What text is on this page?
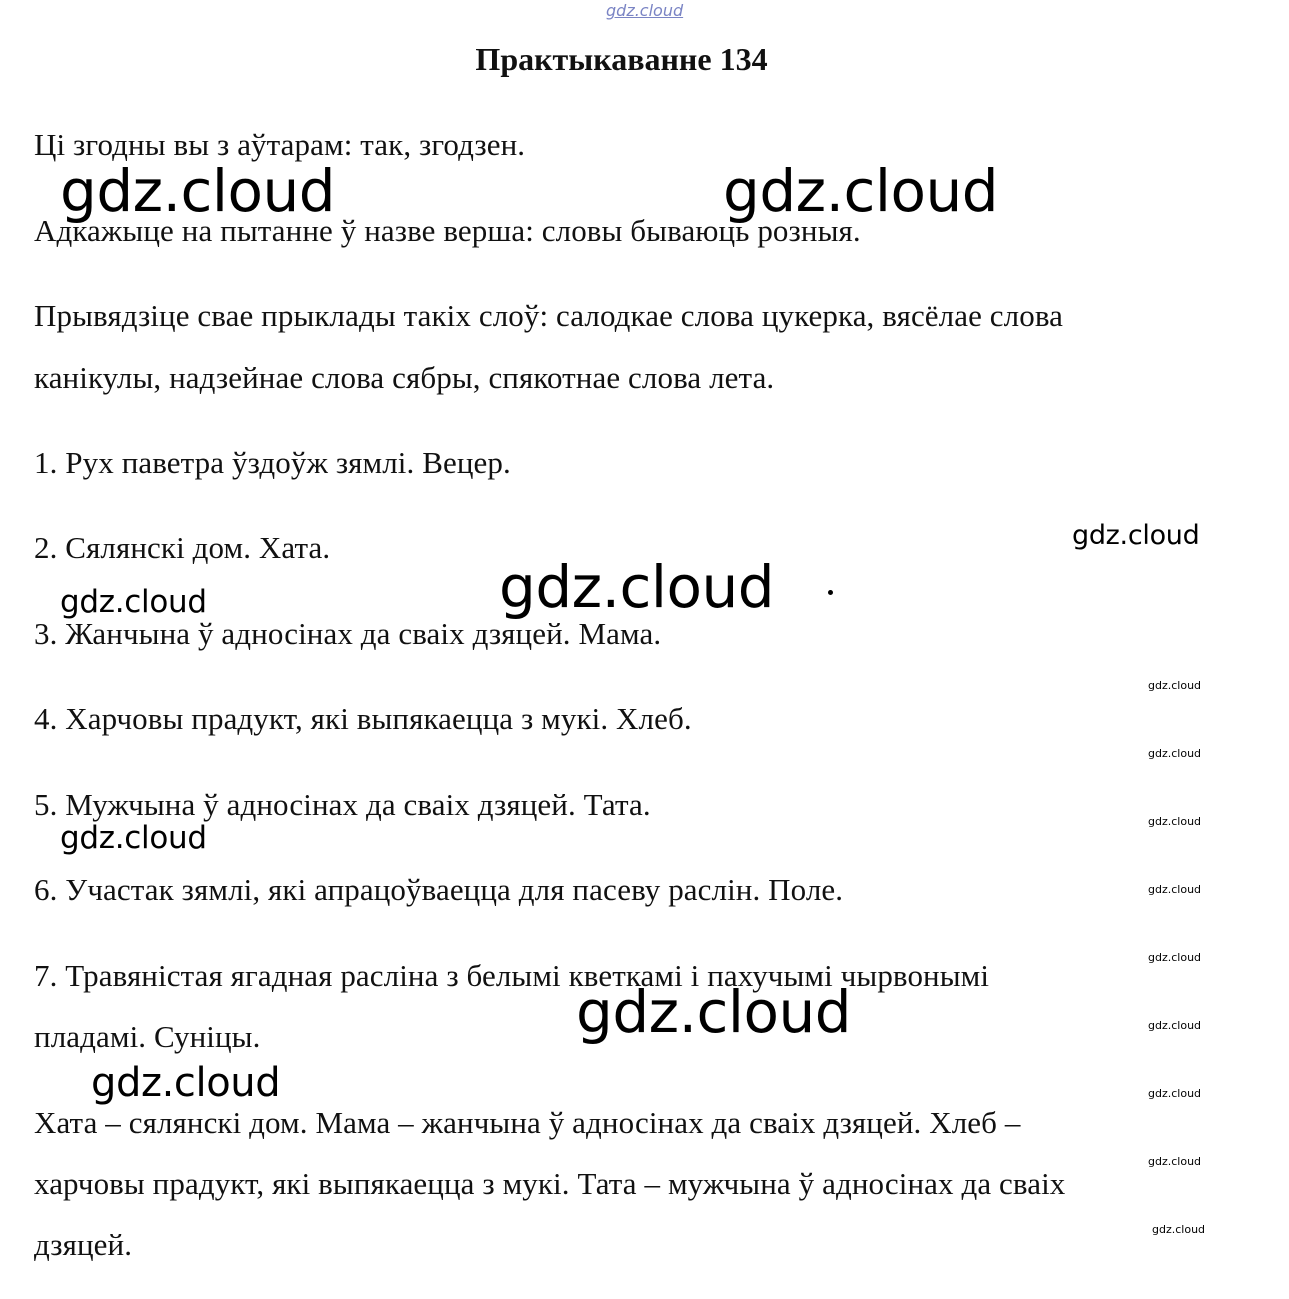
gdz.cloud
Практыкаванне 134
Ці згодны вы з аўтарам: так, згодзен.
Адкажыце на пытанне ў назве верша: словы бываюць розныя.
Прывядзіце свае прыклады такіх слоў: салодкае слова цукерка, вясёлае слова
канікулы, надзейнае слова сябры, спякотнае слова лета.
1. Рух паветра ўздоўж зямлі. Вецер.
2. Сялянскі дом. Хата.
3. Жанчына ў адносінах да сваіх дзяцей. Мама.
4. Харчовы прадукт, які выпякаецца з мукі. Хлеб.
5. Мужчына ў адносінах да сваіх дзяцей. Тата.
6. Участак зямлі, які апрацоўваецца для пасеву раслін. Поле.
7. Травяністая ягадная расліна з белымі кветкамі і пахучымі чырвонымі
пладамі. Суніцы.
Хата – сялянскі дом. Мама – жанчына ў адносінах да сваіх дзяцей. Хлеб –
харчовы прадукт, які выпякаецца з мукі. Тата – мужчына ў адносінах да сваіх
дзяцей.
gdz.cloud	gdz.cloud
gdz.cloud
gdz.cloud
gdz.cloud
gdz.cloud
gdz.cloud
gdz.cloud
gdz.cloud
gdz.cloud
gdz.cloud
gdz.cloud
gdz.cloud
gdz.cloud
gdz.cloud
gdz.cloud
gdz.cloud
